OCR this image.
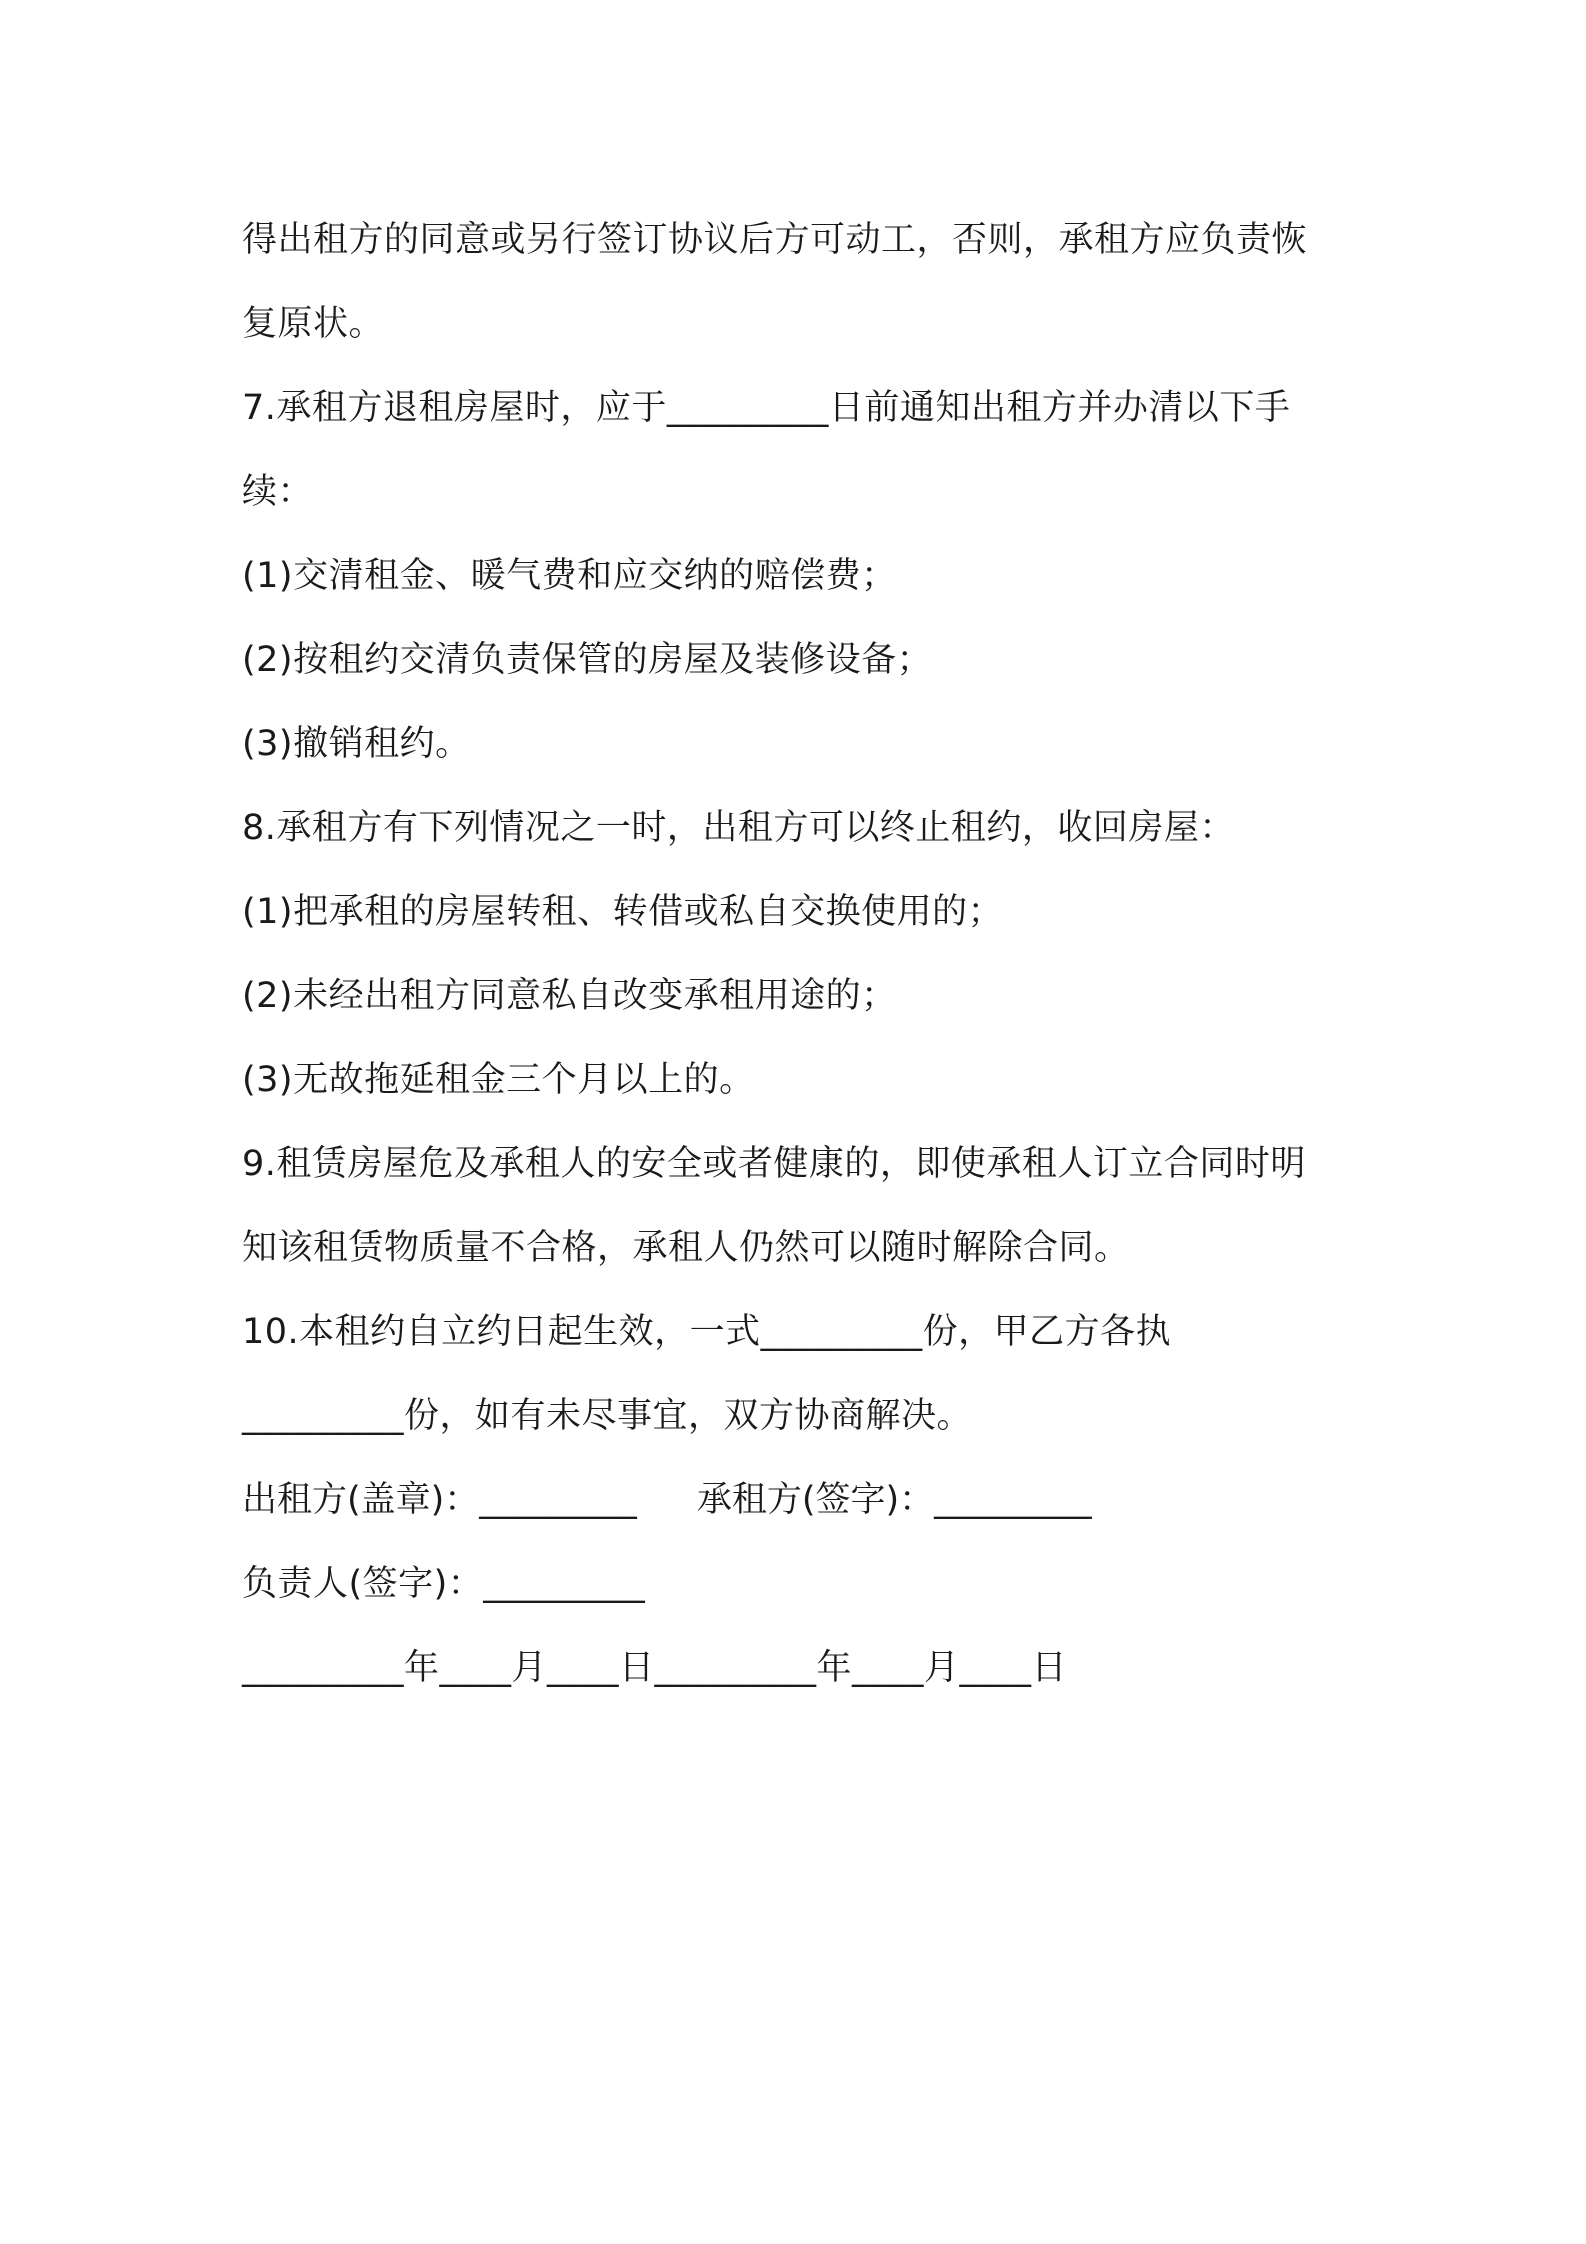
得出租方的同意或另行签订协议后方可动工，否则，承租方应负责恢
复原状。
7.承租方退租房屋时，应于_________日前通知出租方并办清以下手
续：
(1)交清租金、暖气费和应交纳的赔偿费；
(2)按租约交清负责保管的房屋及装修设备；
(3)撤销租约。
8.承租方有下列情况之一时，出租方可以终止租约，收回房屋：
(1)把承租的房屋转租、转借或私自交换使用的；
(2)未经出租方同意私自改变承租用途的；
(3)无故拖延租金三个月以上的。
9.租赁房屋危及承租人的安全或者健康的，即使承租人订立合同时明
知该租赁物质量不合格，承租人仍然可以随时解除合同。
10.本租约自立约日起生效，一式_________份，甲乙方各执
_________份，如有未尽事宜，双方协商解决。
出租方(盖章)：_________ 承租方(签字)：_________
负责人(签字)：_________
_________年____月____日_________年____月____日
